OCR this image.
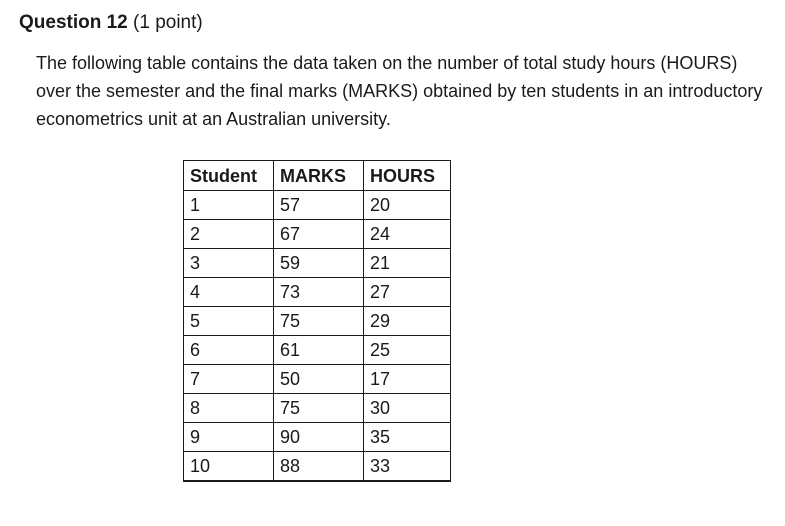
Question 12 (1 point)

The following table contains the data taken on the number of total study hours (HOURS) over the semester and the final marks (MARKS) obtained by ten students in an introductory econometrics unit at an Australian university.

Student	MARKS	HOURS
1	57	20
2	67	24
3	59	21
4	73	27
5	75	29
6	61	25
7	50	17
8	75	30
9	90	35
10	88	33
